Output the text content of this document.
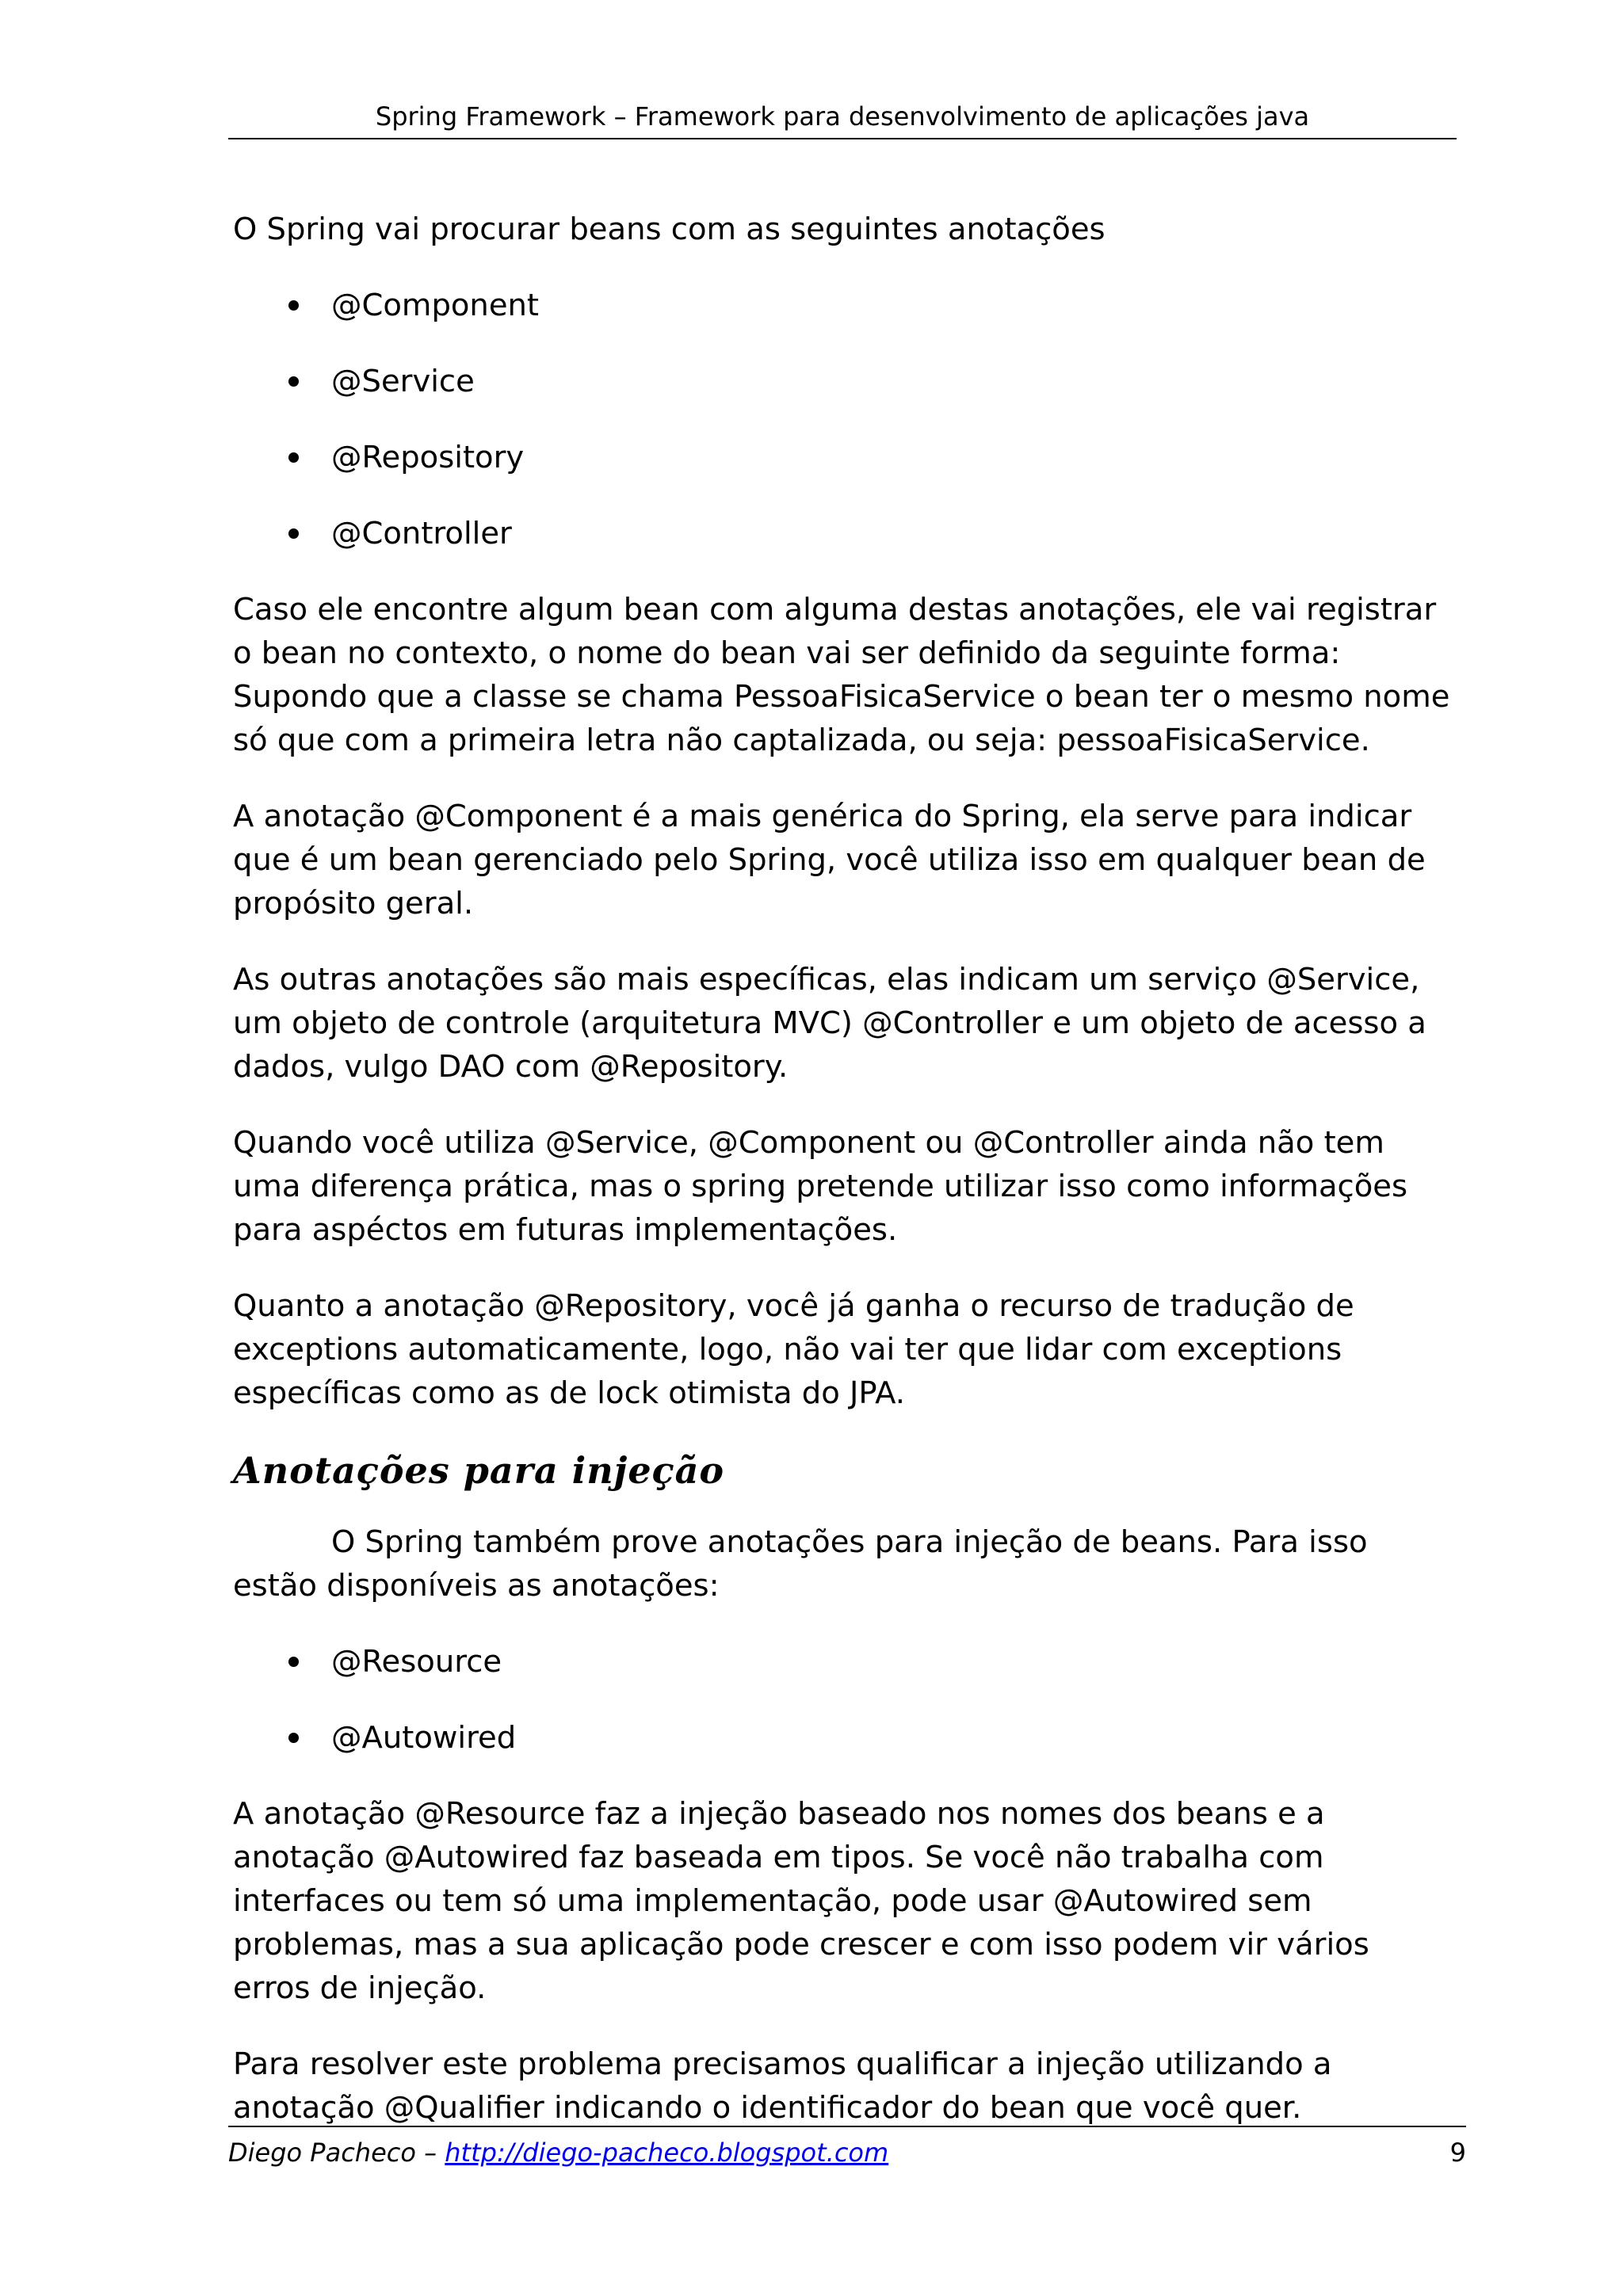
Spring Framework – Framework para desenvolvimento de aplicações java

O Spring vai procurar beans com as seguintes anotações

@Component
@Service
@Repository
@Controller

Caso ele encontre algum bean com alguma destas anotações, ele vai registrar o bean no contexto, o nome do bean vai ser definido da seguinte forma: Supondo que a classe se chama PessoaFisicaService o bean ter o mesmo nome só que com a primeira letra não captalizada, ou seja: pessoaFisicaService.

A anotação @Component é a mais genérica do Spring, ela serve para indicar que é um bean gerenciado pelo Spring, você utiliza isso em qualquer bean de propósito geral.

As outras anotações são mais específicas, elas indicam um serviço @Service, um objeto de controle (arquitetura MVC) @Controller e um objeto de acesso a dados, vulgo DAO com @Repository.

Quando você utiliza @Service, @Component ou @Controller ainda não tem uma diferença prática, mas o spring pretende utilizar isso como informações para aspéctos em futuras implementações.

Quanto a anotação @Repository, você já ganha o recurso de tradução de exceptions automaticamente, logo, não vai ter que lidar com exceptions específicas como as de lock otimista do JPA.

Anotações para injeção

O Spring também prove anotações para injeção de beans. Para isso estão disponíveis as anotações:

@Resource
@Autowired

A anotação @Resource faz a injeção baseado nos nomes dos beans e a anotação @Autowired faz baseada em tipos. Se você não trabalha com interfaces ou tem só uma implementação, pode usar @Autowired sem problemas, mas a sua aplicação pode crescer e com isso podem vir vários erros de injeção.

Para resolver este problema precisamos qualificar a injeção utilizando a anotação @Qualifier indicando o identificador do bean que você quer.

Diego Pacheco – http://diego-pacheco.blogspot.com	9
